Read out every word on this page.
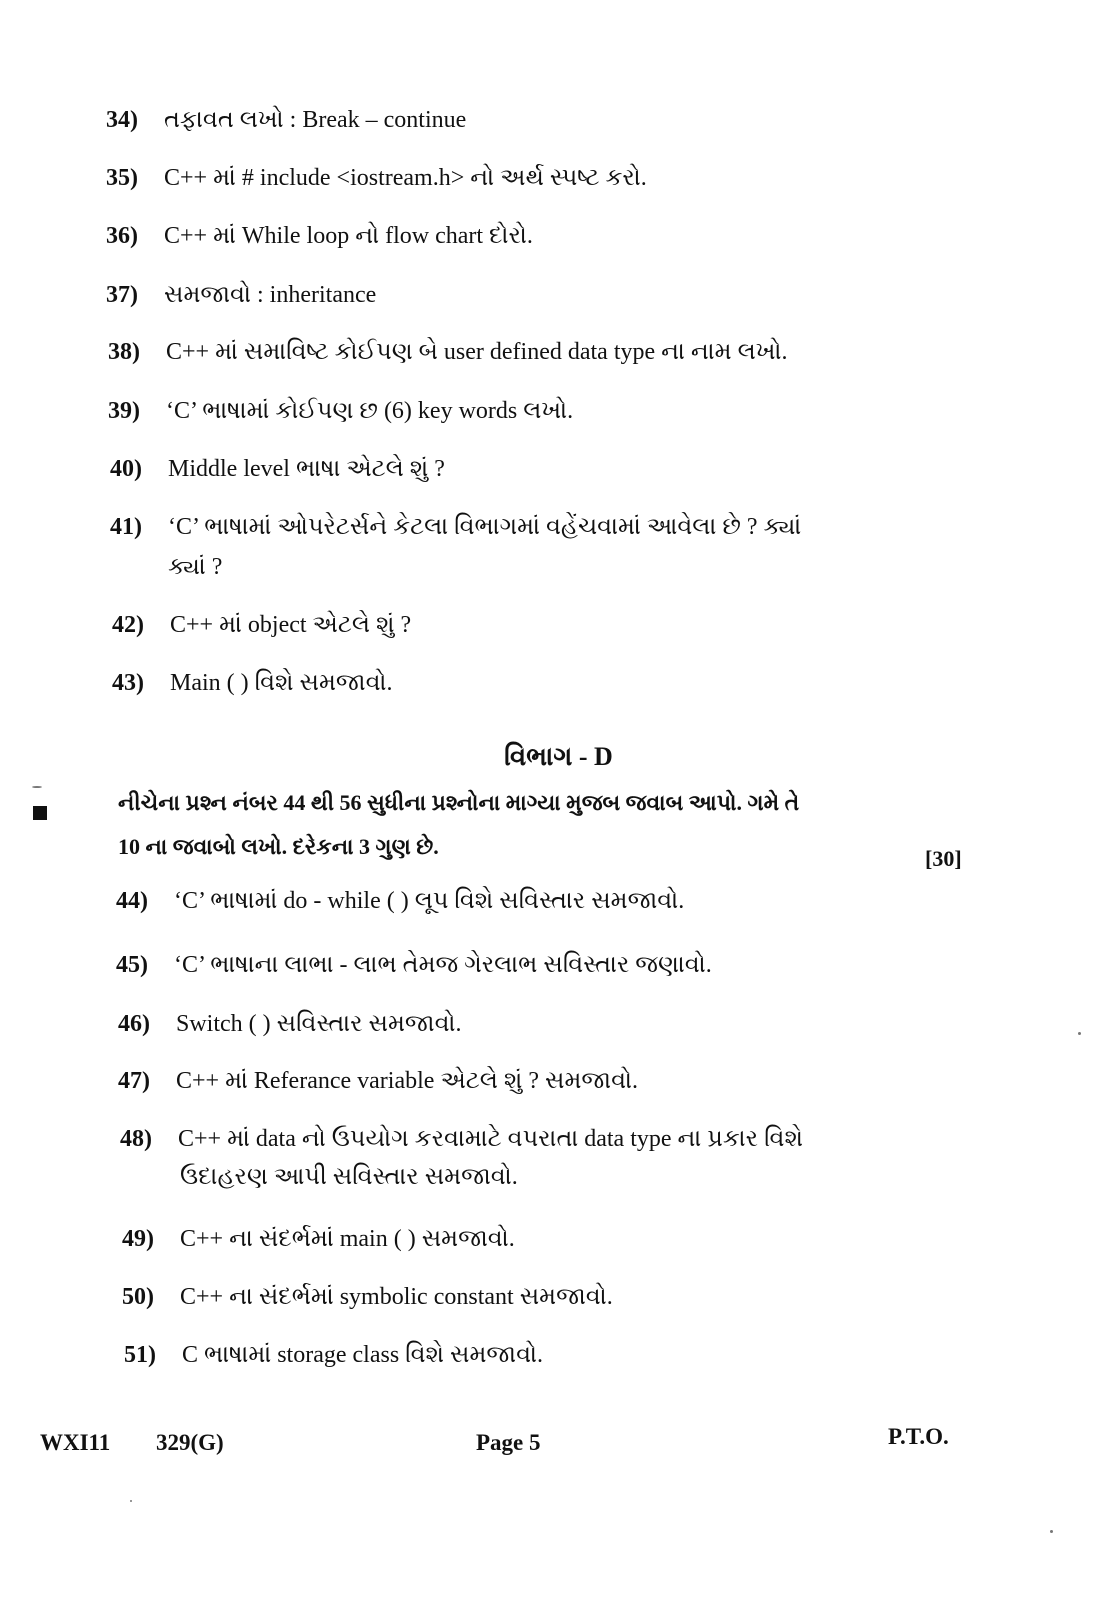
34) તફાવત લખો : Break – continue
35) C++ માં # include <iostream.h> નો અર્થ સ્પષ્ટ કરો.
36) C++ માં While loop નો flow chart દોરો.
37) સમજાવો : inheritance
38) C++ માં સમાવિષ્ટ કોઈપણ બે user defined data type ના નામ લખો.
39) ‘C’ ભાષામાં કોઈપણ છ (6) key words લખો.
40) Middle level ભાષા એટલે શું ?
41) ‘C’ ભાષામાં ઓપરેટર્સને કેટલા વિભાગમાં વહેંચવામાં આવેલા છે ? ક્યાં
ક્યાં ?
42) C++ માં object એટલે શું ?
43) Main ( ) વિશે સમજાવો.
વિભાગ - D
નીચેના પ્રશ્ન નંબર 44 થી 56 સુધીના પ્રશ્નોના માગ્યા મુજબ જવાબ આપો. ગમે તે
10 ના જવાબો લખો. દરેકના 3 ગુણ છે.	[30]
44) ‘C’ ભાષામાં do - while ( ) લૂપ વિશે સવિસ્તાર સમજાવો.
45) ‘C’ ભાષાના લાભા - લાભ તેમજ ગેરલાભ સવિસ્તાર જણાવો.
46) Switch ( ) સવિસ્તાર સમજાવો.
47) C++ માં Referance variable એટલે શું ? સમજાવો.
48) C++ માં data નો ઉપયોગ કરવામાટે વપરાતા data type ના પ્રકાર વિશે
ઉદાહરણ આપી સવિસ્તાર સમજાવો.
49) C++ ના સંદર્ભમાં main ( ) સમજાવો.
50) C++ ના સંદર્ભમાં symbolic constant સમજાવો.
51) C ભાષામાં storage class વિશે સમજાવો.
WXI11 329(G)	Page 5	P.T.O.
